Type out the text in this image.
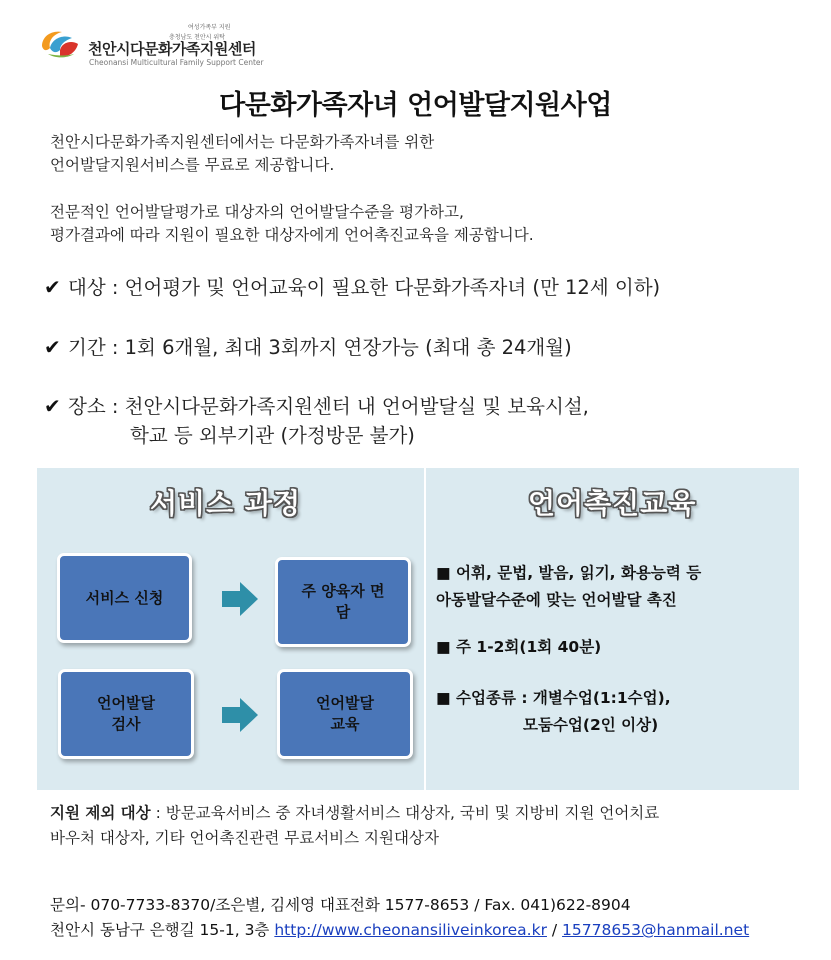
여성가족부 지원
충청남도 천안시 위탁
천안시다문화가족지원센터
Cheonansi Multicultural Family Support Center
다문화가족자녀 언어발달지원사업
천안시다문화가족지원센터에서는 다문화가족자녀를 위한
언어발달지원서비스를 무료로 제공합니다.
전문적인 언어발달평가로 대상자의 언어발달수준을 평가하고,
평가결과에 따라 지원이 필요한 대상자에게 언어촉진교육을 제공합니다.
✔ 대상 : 언어평가 및 언어교육이 필요한 다문화가족자녀 (만 12세 이하)
✔ 기간 : 1회 6개월, 최대 3회까지 연장가능 (최대 총 24개월)
✔ 장소 : 천안시다문화가족지원센터 내 언어발달실 및 보육시설,
학교 등 외부기관 (가정방문 불가)
서비스 과정	언어촉진교육
서비스 신청	주 양육자 면
담
언어발달
검사
언어발달
교육
■ 어휘, 문법, 발음, 읽기, 화용능력 등
아동발달수준에 맞는 언어발달 촉진
■ 주 1-2회(1회 40분)
■ 수업종류 : 개별수업(1:1수업),
모둠수업(2인 이상)
지원 제외 대상 : 방문교육서비스 중 자녀생활서비스 대상자, 국비 및 지방비 지원 언어치료
바우처 대상자, 기타 언어촉진관련 무료서비스 지원대상자
문의- 070-7733-8370/조은별, 김세영 대표전화 1577-8653 / Fax. 041)622-8904
천안시 동남구 은행길 15-1, 3층 http://www.cheonansiliveinkorea.kr / 15778653@hanmail.net
